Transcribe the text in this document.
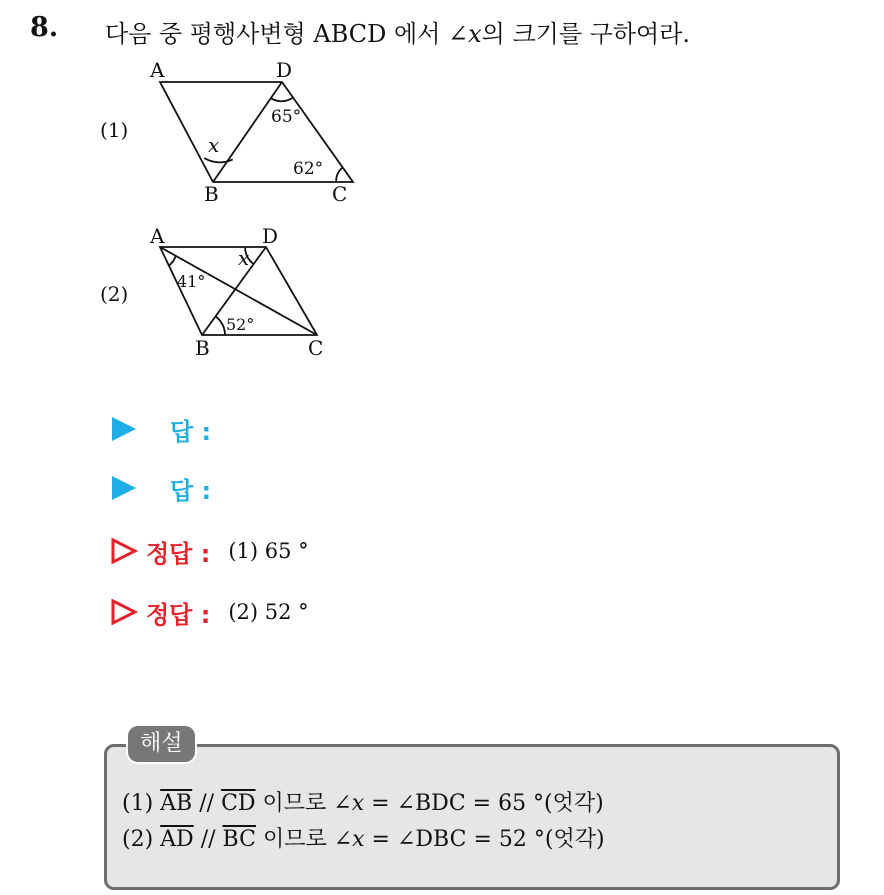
8. 다음 중 평행사변형 ABCD 에서 ∠x의 크기를 구하여라.
(1)
A	D
B	C
x
65°
62°
(2)
A	D
B	C
x
41°
52°
답 :
답 :
정답 : (1) 65 °
정답 : (2) 52 °
해설
(1) $\overline{AB} // \overline{CD}$ 이므로 ∠x = ∠BDC = 65 °(엇각)
(2) $\overline{AD} // \overline{BC}$ 이므로 ∠x = ∠DBC = 52 °(엇각)
